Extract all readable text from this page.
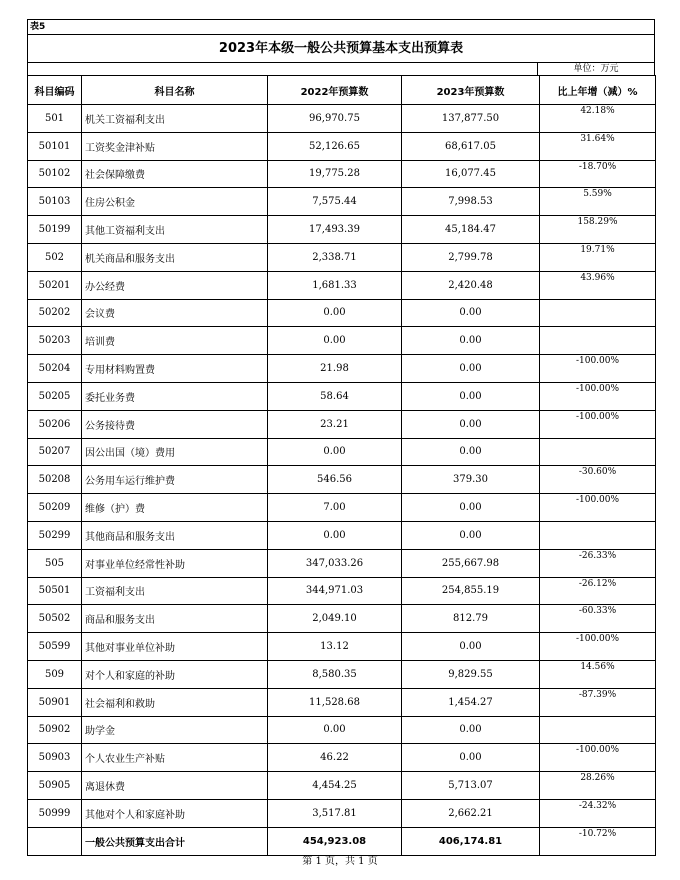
表5
2023年本级一般公共预算基本支出预算表
单位：万元
科目编码	科目名称	2022年预算数	2023年预算数	比上年增（减）%
501	机关工资福利支出	96,970.75	137,877.50	42.18%
50101	工资奖金津补贴	52,126.65	68,617.05	31.64%
50102	社会保障缴费	19,775.28	16,077.45	-18.70%
50103	住房公积金	7,575.44	7,998.53	5.59%
50199	其他工资福利支出	17,493.39	45,184.47	158.29%
502	机关商品和服务支出	2,338.71	2,799.78	19.71%
50201	办公经费	1,681.33	2,420.48	43.96%
50202	会议费	0.00	0.00	
50203	培训费	0.00	0.00	
50204	专用材料购置费	21.98	0.00	-100.00%
50205	委托业务费	58.64	0.00	-100.00%
50206	公务接待费	23.21	0.00	-100.00%
50207	因公出国（境）费用	0.00	0.00	
50208	公务用车运行维护费	546.56	379.30	-30.60%
50209	维修（护）费	7.00	0.00	-100.00%
50299	其他商品和服务支出	0.00	0.00	
505	对事业单位经常性补助	347,033.26	255,667.98	-26.33%
50501	工资福利支出	344,971.03	254,855.19	-26.12%
50502	商品和服务支出	2,049.10	812.79	-60.33%
50599	其他对事业单位补助	13.12	0.00	-100.00%
509	对个人和家庭的补助	8,580.35	9,829.55	14.56%
50901	社会福利和救助	11,528.68	1,454.27	-87.39%
50902	助学金	0.00	0.00	
50903	个人农业生产补贴	46.22	0.00	-100.00%
50905	离退休费	4,454.25	5,713.07	28.26%
50999	其他对个人和家庭补助	3,517.81	2,662.21	-24.32%
	一般公共预算支出合计	454,923.08	406,174.81	-10.72%
第 1 页，共 1 页
